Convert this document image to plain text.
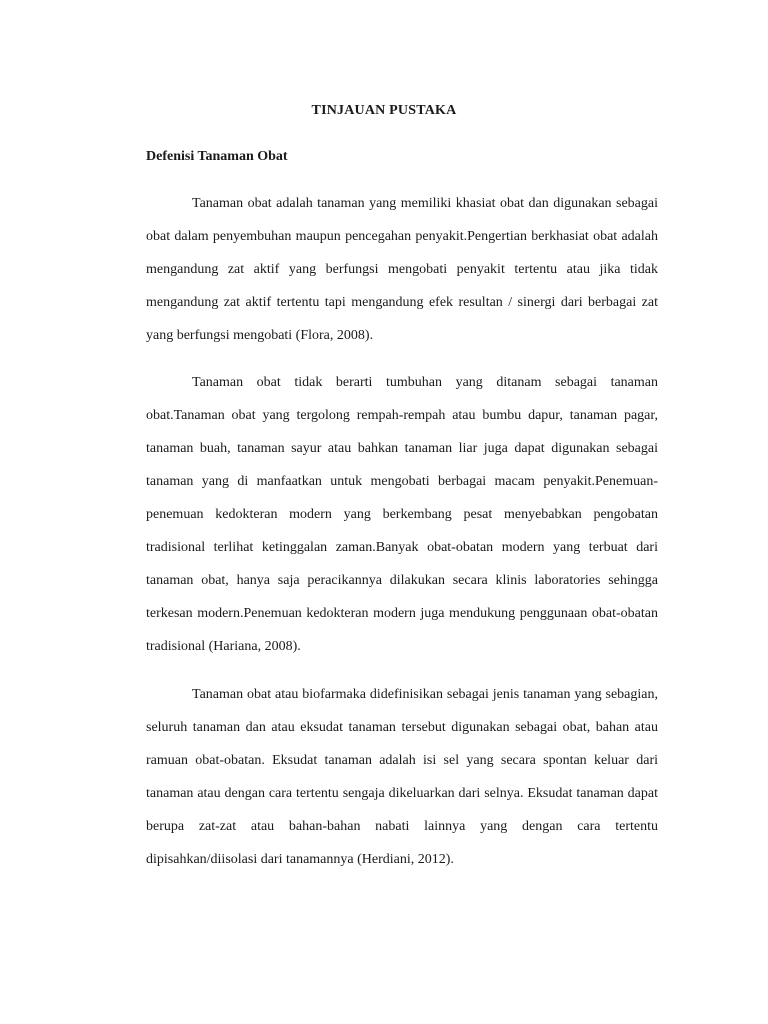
TINJAUAN PUSTAKA
Defenisi Tanaman Obat

Tanaman obat adalah tanaman yang memiliki khasiat obat dan digunakan sebagai obat dalam penyembuhan maupun pencegahan penyakit.Pengertian berkhasiat obat adalah mengandung zat aktif yang berfungsi mengobati penyakit tertentu atau jika tidak mengandung zat aktif tertentu tapi mengandung efek resultan / sinergi dari berbagai zat yang berfungsi mengobati (Flora, 2008).

Tanaman obat tidak berarti tumbuhan yang ditanam sebagai tanaman obat.Tanaman obat yang tergolong rempah-rempah atau bumbu dapur, tanaman pagar, tanaman buah, tanaman sayur atau bahkan tanaman liar juga dapat digunakan sebagai tanaman yang di manfaatkan untuk mengobati berbagai macam penyakit.Penemuan-penemuan kedokteran modern yang berkembang pesat menyebabkan pengobatan tradisional terlihat ketinggalan zaman.Banyak obat-obatan modern yang terbuat dari tanaman obat, hanya saja peracikannya dilakukan secara klinis laboratories sehingga terkesan modern.Penemuan kedokteran modern juga mendukung penggunaan obat-obatan tradisional (Hariana, 2008).

Tanaman obat atau biofarmaka didefinisikan sebagai jenis tanaman yang sebagian, seluruh tanaman dan atau eksudat tanaman tersebut digunakan sebagai obat, bahan atau ramuan obat-obatan. Eksudat tanaman adalah isi sel yang secara spontan keluar dari tanaman atau dengan cara tertentu sengaja dikeluarkan dari selnya. Eksudat tanaman dapat berupa zat-zat atau bahan-bahan nabati lainnya yang dengan cara tertentu dipisahkan/diisolasi dari tanamannya (Herdiani, 2012).
